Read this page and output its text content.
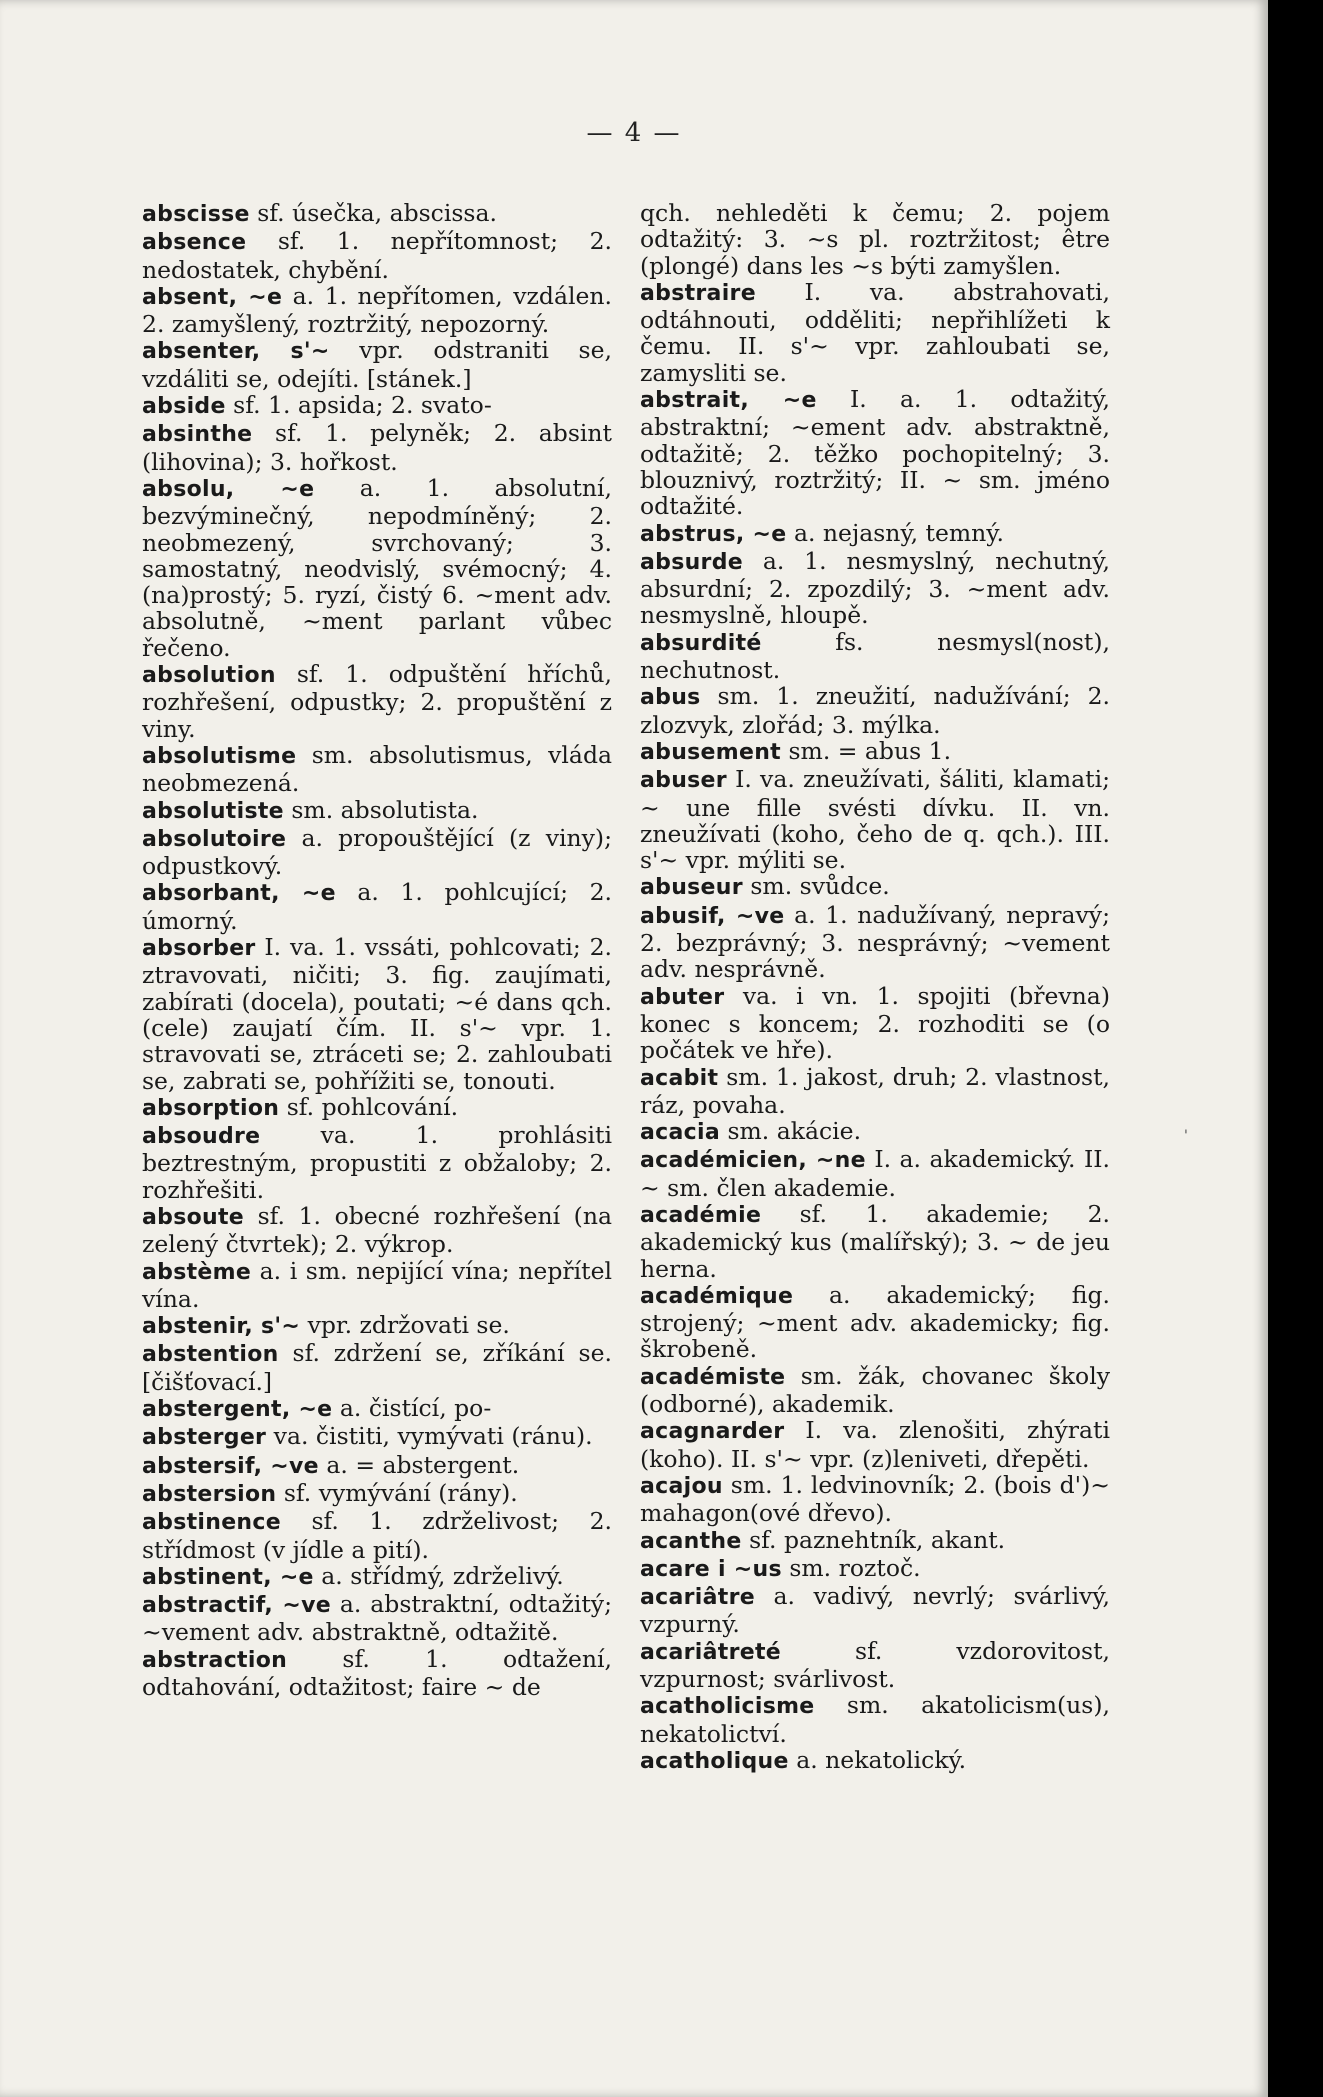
— 4 —

abscisse sf. úsečka, abscissa.

absence sf. 1. nepřítomnost; 2. nedostatek, chybění.

absent, ~e a. 1. nepřítomen, vzdálen. 2. zamyšlený, roztržitý, nepozorný.

absenter, s'~ vpr. odstraniti se, vzdáliti se, odejíti. [stánek.]

abside sf. 1. apsida; 2. svato-

absinthe sf. 1. pelyněk; 2. absint (lihovina); 3. hořkost.

absolu, ~e a. 1. absolutní, bezvýminečný, nepodmíněný; 2. neobmezený, svrchovaný; 3. samostatný, neodvislý, svémocný; 4. (na)prostý; 5. ryzí, čistý 6. ~ment adv. absolutně, ~ment parlant vůbec řečeno.

absolution sf. 1. odpuštění hříchů, rozhřešení, odpustky; 2. propuštění z viny.

absolutisme sm. absolutismus, vláda neobmezená.

absolutiste sm. absolutista.

absolutoire a. propouštějící (z viny); odpustkový.

absorbant, ~e a. 1. pohlcující; 2. úmorný.

absorber I. va. 1. vssáti, pohlcovati; 2. ztravovati, ničiti; 3. fig. zaujímati, zabírati (docela), poutati; ~é dans qch. (cele) zaujatí čím. II. s'~ vpr. 1. stravovati se, ztráceti se; 2. zahloubati se, zabrati se, pohřížiti se, tonouti.

absorption sf. pohlcování.

absoudre va. 1. prohlásiti beztrestným, propustiti z obžaloby; 2. rozhřešiti.

absoute sf. 1. obecné rozhřešení (na zelený čtvrtek); 2. výkrop.

abstème a. i sm. nepijící vína; nepřítel vína.

abstenir, s'~ vpr. zdržovati se.

abstention sf. zdržení se, zříkání se. [čišťovací.]

abstergent, ~e a. čistící, po-

absterger va. čistiti, vymývati (ránu).

abstersif, ~ve a. = abstergent.

abstersion sf. vymývání (rány).

abstinence sf. 1. zdrželivost; 2. střídmost (v jídle a pití).

abstinent, ~e a. střídmý, zdrželivý.

abstractif, ~ve a. abstraktní, odtažitý; ~vement adv. abstraktně, odtažitě.

abstraction sf. 1. odtažení, odtahování, odtažitost; faire ~ de

qch. nehleděti k čemu; 2. pojem odtažitý: 3. ~s pl. roztržitost; être (plongé) dans les ~s býti zamyšlen.

abstraire I. va. abstrahovati, odtáhnouti, odděliti; nepřihlížeti k čemu. II. s'~ vpr. zahloubati se, zamysliti se.

abstrait, ~e I. a. 1. odtažitý, abstraktní; ~ement adv. abstraktně, odtažitě; 2. těžko pochopitelný; 3. blouznivý, roztržitý; II. ~ sm. jméno odtažité.

abstrus, ~e a. nejasný, temný.

absurde a. 1. nesmyslný, nechutný, absurdní; 2. zpozdilý; 3. ~ment adv. nesmyslně, hloupě.

absurdité fs. nesmysl(nost), nechutnost.

abus sm. 1. zneužití, nadužívání; 2. zlozvyk, zlořád; 3. mýlka.

abusement sm. = abus 1.

abuser I. va. zneužívati, šáliti, klamati; ~ une fille svésti dívku. II. vn. zneužívati (koho, čeho de q. qch.). III. s'~ vpr. mýliti se.

abuseur sm. svůdce.

abusif, ~ve a. 1. nadužívaný, nepravý; 2. bezprávný; 3. nesprávný; ~vement adv. nesprávně.

abuter va. i vn. 1. spojiti (břevna) konec s koncem; 2. rozhoditi se (o počátek ve hře).

acabit sm. 1. jakost, druh; 2. vlastnost, ráz, povaha.

acacia sm. akácie.

académicien, ~ne I. a. akademický. II. ~ sm. člen akademie.

académie sf. 1. akademie; 2. akademický kus (malířský); 3. ~ de jeu herna.

académique a. akademický; fig. strojený; ~ment adv. akademicky; fig. škrobeně.

académiste sm. žák, chovanec školy (odborné), akademik.

acagnarder I. va. zlenošiti, zhýrati (koho). II. s'~ vpr. (z)leniveti, dřepěti.

acajou sm. 1. ledvinovník; 2. (bois d')~ mahagon(ové dřevo).

acanthe sf. paznehtník, akant.

acare i ~us sm. roztoč.

acariâtre a. vadivý, nevrlý; svárlivý, vzpurný.

acariâtreté sf. vzdorovitost, vzpurnost; svárlivost.

acatholicisme sm. akatolicism(us), nekatolictví.

acatholique a. nekatolický.

'
